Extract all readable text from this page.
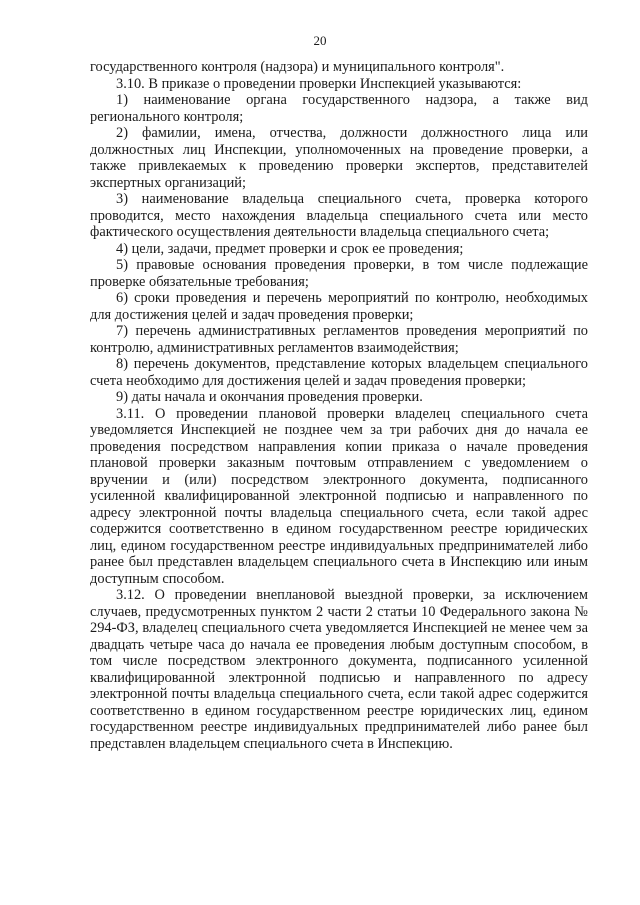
20

государственного контроля (надзора) и муниципального контроля".

3.10. В приказе о проведении проверки Инспекцией указываются:

1) наименование органа государственного надзора, а также вид регионального контроля;

2) фамилии, имена, отчества, должности должностного лица или должностных лиц Инспекции, уполномоченных на проведение проверки, а также привлекаемых к проведению проверки экспертов, представителей экспертных организаций;

3) наименование владельца специального счета, проверка которого проводится, место нахождения владельца специального счета или место фактического осуществления деятельности владельца специального счета;

4) цели, задачи, предмет проверки и срок ее проведения;

5) правовые основания проведения проверки, в том числе подлежащие проверке обязательные требования;

6) сроки проведения и перечень мероприятий по контролю, необходимых для достижения целей и задач проведения проверки;

7) перечень административных регламентов проведения мероприятий по контролю, административных регламентов взаимодействия;

8) перечень документов, представление которых владельцем специального счета необходимо для достижения целей и задач проведения проверки;

9) даты начала и окончания проведения проверки.

3.11. О проведении плановой проверки владелец специального счета уведомляется Инспекцией не позднее чем за три рабочих дня до начала ее проведения посредством направления копии приказа о начале проведения плановой проверки заказным почтовым отправлением с уведомлением о вручении и (или) посредством электронного документа, подписанного усиленной квалифицированной электронной подписью и направленного по адресу электронной почты владельца специального счета, если такой адрес содержится соответственно в едином государственном реестре юридических лиц, едином государственном реестре индивидуальных предпринимателей либо ранее был представлен владельцем специального счета в Инспекцию или иным доступным способом.

3.12. О проведении внеплановой выездной проверки, за исключением случаев, предусмотренных пунктом 2 части 2 статьи 10 Федерального закона № 294-ФЗ, владелец специального счета уведомляется Инспекцией не менее чем за двадцать четыре часа до начала ее проведения любым доступным способом, в том числе посредством электронного документа, подписанного усиленной квалифицированной электронной подписью и направленного по адресу электронной почты владельца специального счета, если такой адрес содержится соответственно в едином государственном реестре юридических лиц, едином государственном реестре индивидуальных предпринимателей либо ранее был представлен владельцем специального счета в Инспекцию.
